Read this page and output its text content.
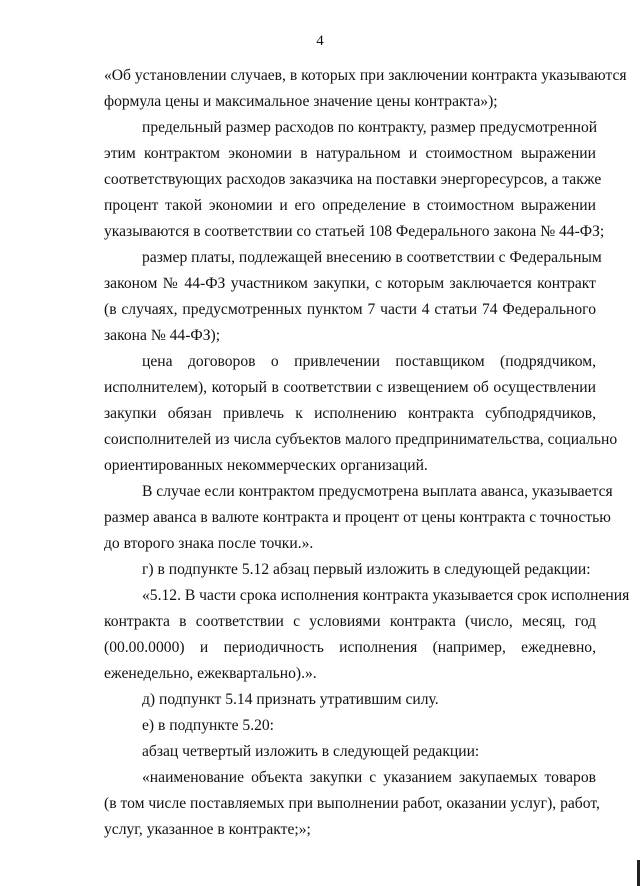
4
«Об установлении случаев, в которых при заключении контракта указываются
формула цены и максимальное значение цены контракта»);
предельный размер расходов по контракту, размер предусмотренной
этим контрактом экономии в натуральном и стоимостном выражении
соответствующих расходов заказчика на поставки энергоресурсов, а также
процент такой экономии и его определение в стоимостном выражении
указываются в соответствии со статьей 108 Федерального закона № 44-ФЗ;
размер платы, подлежащей внесению в соответствии с Федеральным
законом № 44-ФЗ участником закупки, с которым заключается контракт
(в случаях, предусмотренных пунктом 7 части 4 статьи 74 Федерального
закона № 44-ФЗ);
цена договоров о привлечении поставщиком (подрядчиком,
исполнителем), который в соответствии с извещением об осуществлении
закупки обязан привлечь к исполнению контракта субподрядчиков,
соисполнителей из числа субъектов малого предпринимательства, социально
ориентированных некоммерческих организаций.
В случае если контрактом предусмотрена выплата аванса, указывается
размер аванса в валюте контракта и процент от цены контракта с точностью
до второго знака после точки.».
г) в подпункте 5.12 абзац первый изложить в следующей редакции:
«5.12. В части срока исполнения контракта указывается срок исполнения
контракта в соответствии с условиями контракта (число, месяц, год
(00.00.0000) и периодичность исполнения (например, ежедневно,
еженедельно, ежеквартально).».
д) подпункт 5.14 признать утратившим силу.
е) в подпункте 5.20:
абзац четвертый изложить в следующей редакции:
«наименование объекта закупки с указанием закупаемых товаров
(в том числе поставляемых при выполнении работ, оказании услуг), работ,
услуг, указанное в контракте;»;
